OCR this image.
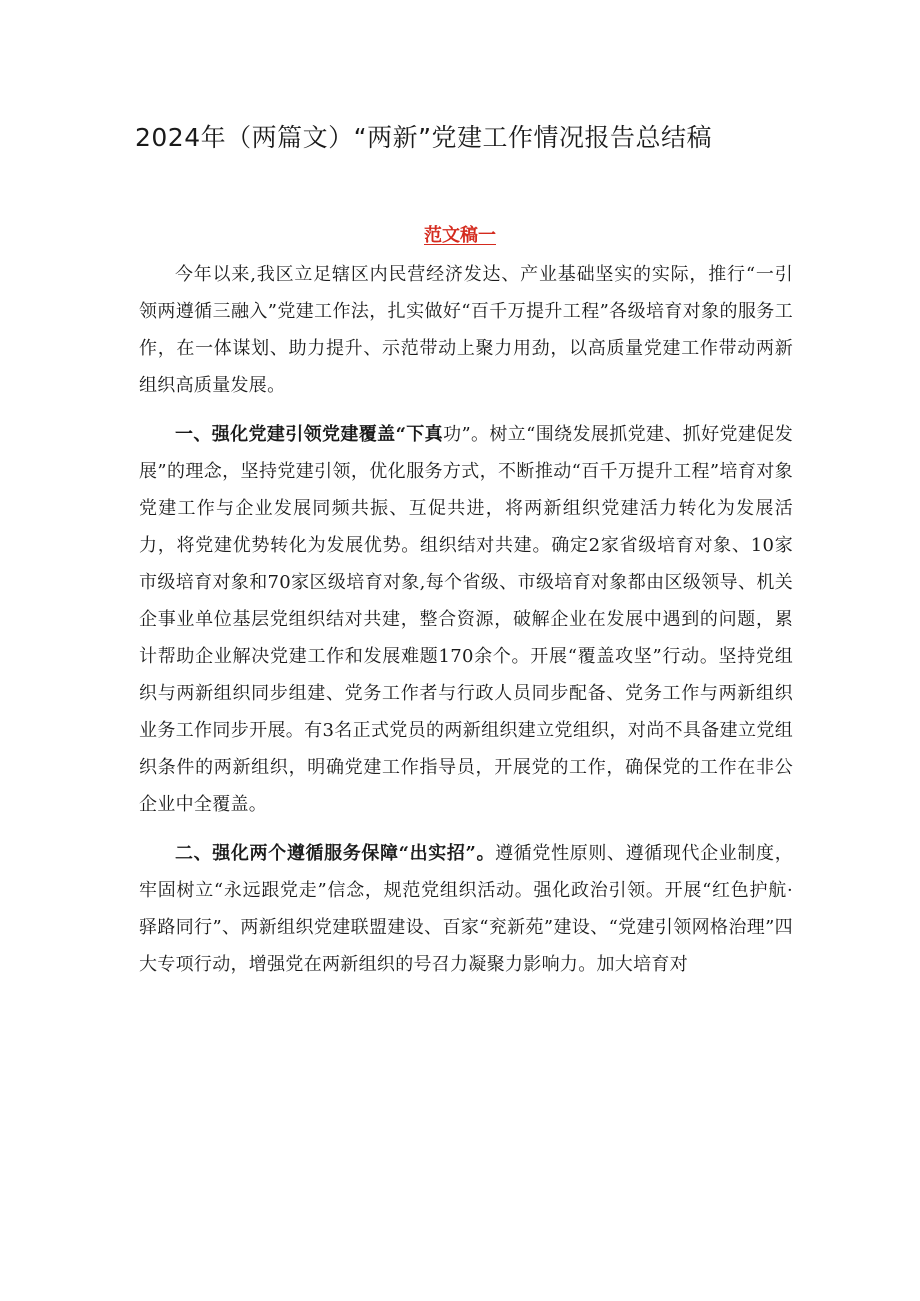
2024年（两篇文）“两新”党建工作情况报告总结稿
范文稿一

今年以来,我区立足辖区内民营经济发达、产业基础坚实的实际，推行“一引领两遵循三融入”党建工作法，扎实做好“百千万提升工程”各级培育对象的服务工作，在一体谋划、助力提升、示范带动上聚力用劲，以高质量党建工作带动两新组织高质量发展。

一、强化党建引领党建覆盖“下真功”。树立“围绕发展抓党建、抓好党建促发展”的理念，坚持党建引领，优化服务方式，不断推动“百千万提升工程”培育对象党建工作与企业发展同频共振、互促共进，将两新组织党建活力转化为发展活力，将党建优势转化为发展优势。组织结对共建。确定2家省级培育对象、10家市级培育对象和70家区级培育对象,每个省级、市级培育对象都由区级领导、机关企事业单位基层党组织结对共建，整合资源，破解企业在发展中遇到的问题，累计帮助企业解决党建工作和发展难题170余个。开展“覆盖攻坚”行动。坚持党组织与两新组织同步组建、党务工作者与行政人员同步配备、党务工作与两新组织业务工作同步开展。有3名正式党员的两新组织建立党组织，对尚不具备建立党组织条件的两新组织，明确党建工作指导员，开展党的工作，确保党的工作在非公企业中全覆盖。

二、强化两个遵循服务保障“出实招”。遵循党性原则、遵循现代企业制度，牢固树立“永远跟党走”信念，规范党组织活动。强化政治引领。开展“红色护航·驿路同行”、两新组织党建联盟建设、百家“兖新苑”建设、“党建引领网格治理”四大专项行动，增强党在两新组织的号召力凝聚力影响力。加大培育对
